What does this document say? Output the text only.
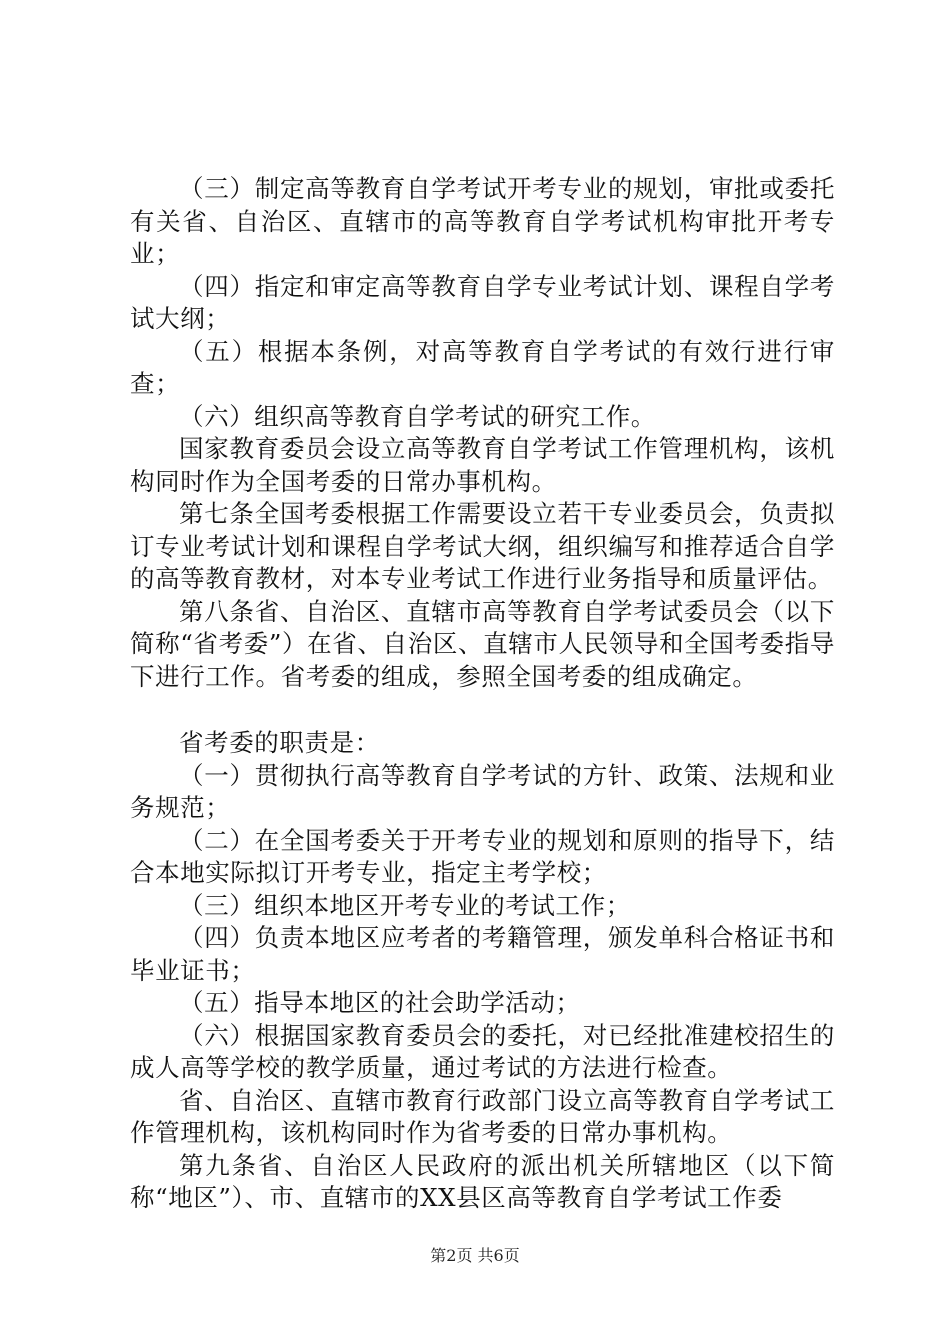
（三）制定高等教育自学考试开考专业的规划，审批或委托有关省、自治区、直辖市的高等教育自学考试机构审批开考专业；

（四）指定和审定高等教育自学专业考试计划、课程自学考试大纲；

（五）根据本条例，对高等教育自学考试的有效行进行审查；

（六）组织高等教育自学考试的研究工作。

国家教育委员会设立高等教育自学考试工作管理机构，该机构同时作为全国考委的日常办事机构。

第七条全国考委根据工作需要设立若干专业委员会，负责拟订专业考试计划和课程自学考试大纲，组织编写和推荐适合自学的高等教育教材，对本专业考试工作进行业务指导和质量评估。

第八条省、自治区、直辖市高等教育自学考试委员会（以下简称“省考委”）在省、自治区、直辖市人民领导和全国考委指导下进行工作。省考委的组成，参照全国考委的组成确定。

省考委的职责是：

（一）贯彻执行高等教育自学考试的方针、政策、法规和业务规范；

（二）在全国考委关于开考专业的规划和原则的指导下，结合本地实际拟订开考专业，指定主考学校；

（三）组织本地区开考专业的考试工作；

（四）负责本地区应考者的考籍管理，颁发单科合格证书和毕业证书；

（五）指导本地区的社会助学活动；

（六）根据国家教育委员会的委托，对已经批准建校招生的成人高等学校的教学质量，通过考试的方法进行检查。

省、自治区、直辖市教育行政部门设立高等教育自学考试工作管理机构，该机构同时作为省考委的日常办事机构。

第九条省、自治区人民政府的派出机关所辖地区（以下简称“地区”）、市、直辖市的XX县区高等教育自学考试工作委

第2页 共6页
